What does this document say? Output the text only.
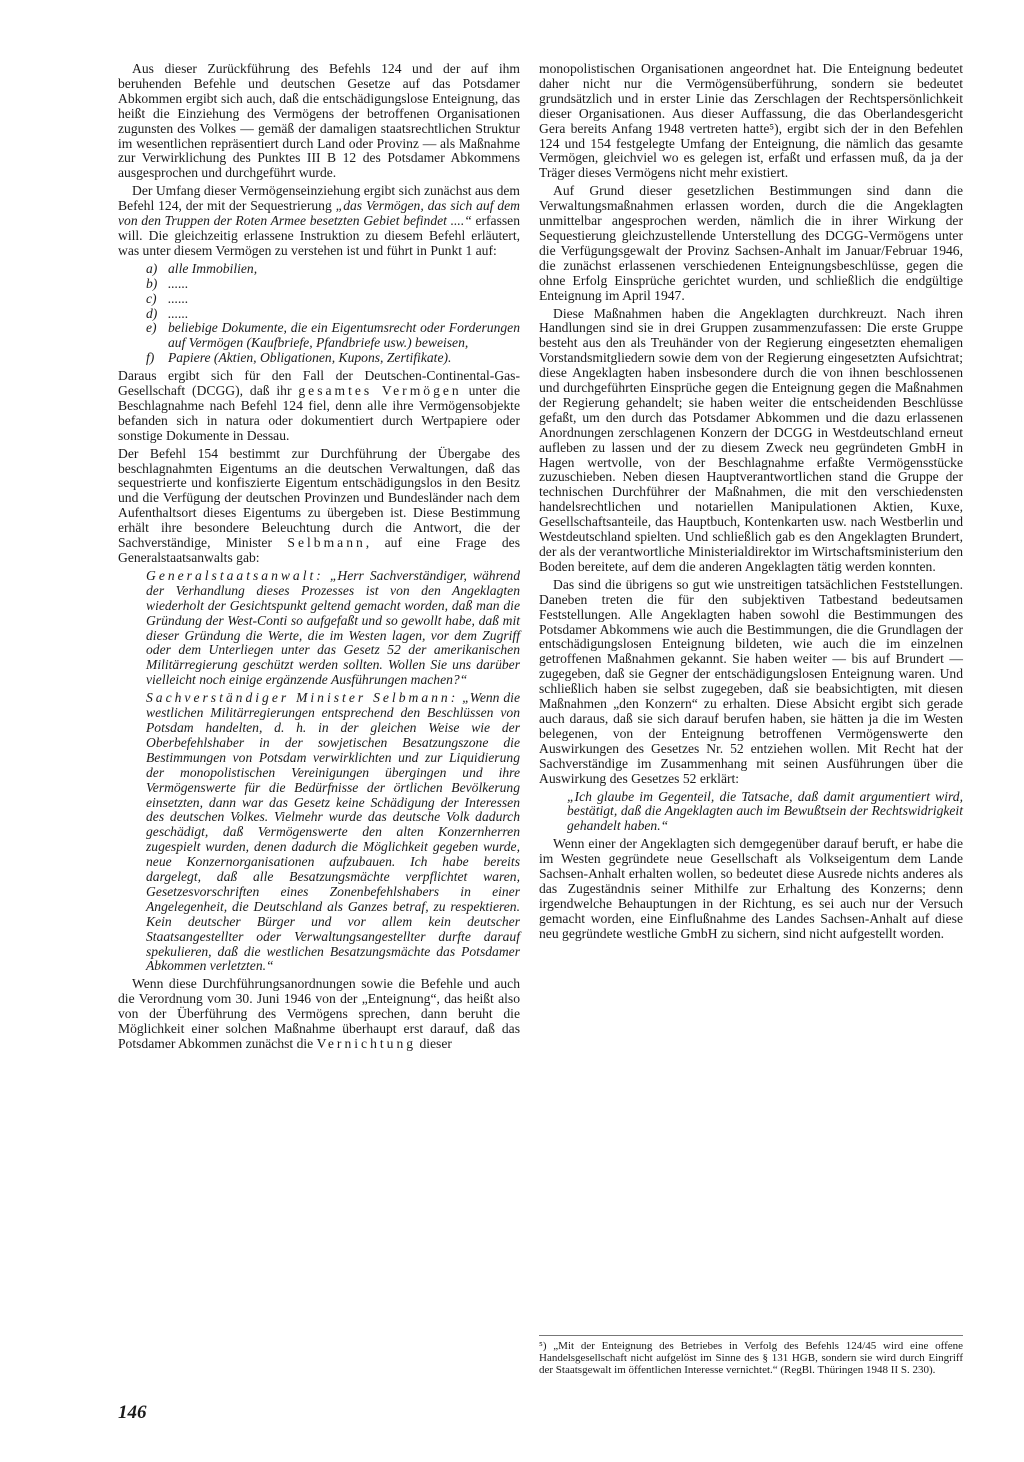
Aus dieser Zurückführung des Befehls 124 und der auf ihm beruhenden Befehle und deutschen Gesetze auf das Potsdamer Abkommen ergibt sich auch, daß die entschädigungslose Enteignung, das heißt die Einziehung des Vermögens der betroffenen Organisationen zugunsten des Volkes — gemäß der damaligen staatsrechtlichen Struktur im wesentlichen repräsentiert durch Land oder Provinz — als Maßnahme zur Verwirklichung des Punktes III B 12 des Potsdamer Abkommens ausgesprochen und durchgeführt wurde.

Der Umfang dieser Vermögenseinziehung ergibt sich zunächst aus dem Befehl 124, der mit der Sequestrierung „das Vermögen, das sich auf dem von den Truppen der Roten Armee besetzten Gebiet befindet ....“ erfassen will. Die gleichzeitig erlassene Instruktion zu diesem Befehl erläutert, was unter diesem Vermögen zu verstehen ist und führt in Punkt 1 auf:

a) alle Immobilien,
b) ......
c) ......
d) ......
e) beliebige Dokumente, die ein Eigentumsrecht oder Forderungen auf Vermögen (Kaufbriefe, Pfandbriefe usw.) beweisen,
f) Papiere (Aktien, Obligationen, Kupons, Zertifikate).

Daraus ergibt sich für den Fall der Deutschen-Continental-Gas-Gesellschaft (DCGG), daß ihr gesamtes Vermögen unter die Beschlagnahme nach Befehl 124 fiel, denn alle ihre Vermögensobjekte befanden sich in natura oder dokumentiert durch Wertpapiere oder sonstige Dokumente in Dessau.

Der Befehl 154 bestimmt zur Durchführung der Übergabe des beschlagnahmten Eigentums an die deutschen Verwaltungen, daß das sequestrierte und konfiszierte Eigentum entschädigungslos in den Besitz und die Verfügung der deutschen Provinzen und Bundesländer nach dem Aufenthaltsort dieses Eigentums zu übergeben ist. Diese Bestimmung erhält ihre besondere Beleuchtung durch die Antwort, die der Sachverständige, Minister Selbmann, auf eine Frage des Generalstaatsanwalts gab:

Generalstaatsanwalt: „Herr Sachverständiger, während der Verhandlung dieses Prozesses ist von den Angeklagten wiederholt der Gesichtspunkt geltend gemacht worden, daß man die Gründung der West-Conti so aufgefaßt und so gewollt habe, daß mit dieser Gründung die Werte, die im Westen lagen, vor dem Zugriff oder dem Unterliegen unter das Gesetz 52 der amerikanischen Militärregierung geschützt werden sollten. Wollen Sie uns darüber vielleicht noch einige ergänzende Ausführungen machen?“

Sachverständiger Minister Selbmann: „Wenn die westlichen Militärregierungen entsprechend den Beschlüssen von Potsdam handelten, d. h. in der gleichen Weise wie der Oberbefehlshaber in der sowjetischen Besatzungszone die Bestimmungen von Potsdam verwirklichten und zur Liquidierung der monopolistischen Vereinigungen übergingen und ihre Vermögenswerte für die Bedürfnisse der örtlichen Bevölkerung einsetzten, dann war das Gesetz keine Schädigung der Interessen des deutschen Volkes. Vielmehr wurde das deutsche Volk dadurch geschädigt, daß Vermögenswerte den alten Konzernherren zugespielt wurden, denen dadurch die Möglichkeit gegeben wurde, neue Konzernorganisationen aufzubauen. Ich habe bereits dargelegt, daß alle Besatzungsmächte verpflichtet waren, Gesetzesvorschriften eines Zonenbefehlshabers in einer Angelegenheit, die Deutschland als Ganzes betraf, zu respektieren. Kein deutscher Bürger und vor allem kein deutscher Staatsangestellter oder Verwaltungsangestellter durfte darauf spekulieren, daß die westlichen Besatzungsmächte das Potsdamer Abkommen verletzten.“

Wenn diese Durchführungsanordnungen sowie die Befehle und auch die Verordnung vom 30. Juni 1946 von der „Enteignung“, das heißt also von der Überführung des Vermögens sprechen, dann beruht die Möglichkeit einer solchen Maßnahme überhaupt erst darauf, daß das Potsdamer Abkommen zunächst die Vernichtung dieser

monopolistischen Organisationen angeordnet hat. Die Enteignung bedeutet daher nicht nur die Vermögensüberführung, sondern sie bedeutet grundsätzlich und in erster Linie das Zerschlagen der Rechtspersönlichkeit dieser Organisationen. Aus dieser Auffassung, die das Oberlandesgericht Gera bereits Anfang 1948 vertreten hatte⁵), ergibt sich der in den Befehlen 124 und 154 festgelegte Umfang der Enteignung, die nämlich das gesamte Vermögen, gleichviel wo es gelegen ist, erfaßt und erfassen muß, da ja der Träger dieses Vermögens nicht mehr existiert.

Auf Grund dieser gesetzlichen Bestimmungen sind dann die Verwaltungsmaßnahmen erlassen worden, durch die die Angeklagten unmittelbar angesprochen werden, nämlich die in ihrer Wirkung der Sequestierung gleichzustellende Unterstellung des DCGG-Vermögens unter die Verfügungsgewalt der Provinz Sachsen-Anhalt im Januar/Februar 1946, die zunächst erlassenen verschiedenen Enteignungsbeschlüsse, gegen die ohne Erfolg Einsprüche gerichtet wurden, und schließlich die endgültige Enteignung im April 1947.

Diese Maßnahmen haben die Angeklagten durchkreuzt. Nach ihren Handlungen sind sie in drei Gruppen zusammenzufassen: Die erste Gruppe besteht aus den als Treuhänder von der Regierung eingesetzten ehemaligen Vorstandsmitgliedern sowie dem von der Regierung eingesetzten Aufsichtrat; diese Angeklagten haben insbesondere durch die von ihnen beschlossenen und durchgeführten Einsprüche gegen die Enteignung gegen die Maßnahmen der Regierung gehandelt; sie haben weiter die entscheidenden Beschlüsse gefaßt, um den durch das Potsdamer Abkommen und die dazu erlassenen Anordnungen zerschlagenen Konzern der DCGG in Westdeutschland erneut aufleben zu lassen und der zu diesem Zweck neu gegründeten GmbH in Hagen wertvolle, von der Beschlagnahme erfaßte Vermögensstücke zuzuschieben. Neben diesen Hauptverantwortlichen stand die Gruppe der technischen Durchführer der Maßnahmen, die mit den verschiedensten handelsrechtlichen und notariellen Manipulationen Aktien, Kuxe, Gesellschaftsanteile, das Hauptbuch, Kontenkarten usw. nach Westberlin und Westdeutschland spielten. Und schließlich gab es den Angeklagten Brundert, der als der verantwortliche Ministerialdirektor im Wirtschaftsministerium den Boden bereitete, auf dem die anderen Angeklagten tätig werden konnten.

Das sind die übrigens so gut wie unstreitigen tatsächlichen Feststellungen. Daneben treten die für den subjektiven Tatbestand bedeutsamen Feststellungen. Alle Angeklagten haben sowohl die Bestimmungen des Potsdamer Abkommens wie auch die Bestimmungen, die die Grundlagen der entschädigungslosen Enteignung bildeten, wie auch die im einzelnen getroffenen Maßnahmen gekannt. Sie haben weiter — bis auf Brundert — zugegeben, daß sie Gegner der entschädigungslosen Enteignung waren. Und schließlich haben sie selbst zugegeben, daß sie beabsichtigten, mit diesen Maßnahmen „den Konzern“ zu erhalten. Diese Absicht ergibt sich gerade auch daraus, daß sie sich darauf berufen haben, sie hätten ja die im Westen belegenen, von der Enteignung betroffenen Vermögenswerte den Auswirkungen des Gesetzes Nr. 52 entziehen wollen. Mit Recht hat der Sachverständige im Zusammenhang mit seinen Ausführungen über die Auswirkung des Gesetzes 52 erklärt:

„Ich glaube im Gegenteil, die Tatsache, daß damit argumentiert wird, bestätigt, daß die Angeklagten auch im Bewußtsein der Rechtswidrigkeit gehandelt haben.“

Wenn einer der Angeklagten sich demgegenüber darauf beruft, er habe die im Westen gegründete neue Gesellschaft als Volkseigentum dem Lande Sachsen-Anhalt erhalten wollen, so bedeutet diese Ausrede nichts anderes als das Zugeständnis seiner Mithilfe zur Erhaltung des Konzerns; denn irgendwelche Behauptungen in der Richtung, es sei auch nur der Versuch gemacht worden, eine Einflußnahme des Landes Sachsen-Anhalt auf diese neu gegründete westliche GmbH zu sichern, sind nicht aufgestellt worden.

⁵) „Mit der Enteignung des Betriebes in Verfolg des Befehls 124/45 wird eine offene Handelsgesellschaft nicht aufgelöst im Sinne des § 131 HGB, sondern sie wird durch Eingriff der Staatsgewalt im öffentlichen Interesse vernichtet.“ (RegBl. Thüringen 1948 II S. 230).

146
